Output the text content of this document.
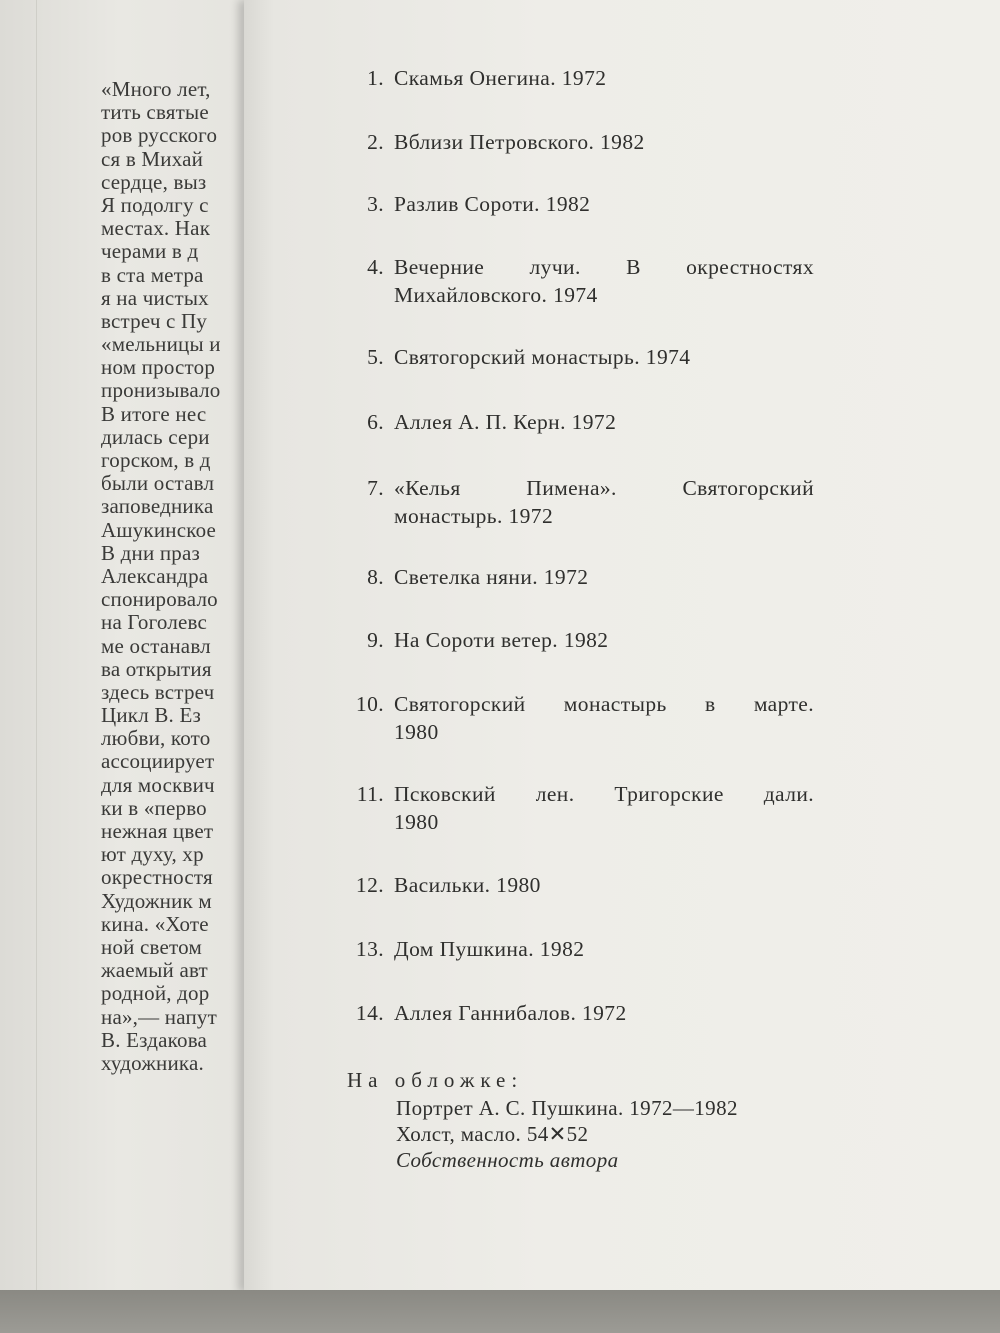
«Много лет,
тить святые
ров русского
ся в Михай
сердце, выз
Я подолгу с
местах. Нак
черами в д
в ста метра
я на чистых
встреч с Пу
«мельницы и
ном простор
пронизывало
В итоге нес
дилась сери
горском, в д
были оставл
заповедника
Ашукинское
В дни праз
Александра
спонировало
на Гоголевс
ме останавл
ва открытия
здесь встреч
Цикл В. Ез
любви, кото
ассоциирует
для москвич
ки в «перво
нежная цвет
ют духу, хр
окрестностя
Художник м
кина. «Хоте
ной светом
жаемый авт
родной, дор
на»,— напут
В. Ездакова
художника.
1. Скамья Онегина. 1972
2. Вблизи Петровского. 1982
3. Разлив Сороти. 1982
4. Вечерние лучи. В окрестностях
Михайловского. 1974
5. Святогорский монастырь. 1974
6. Аллея А. П. Керн. 1972
7. «Келья Пимена». Святогорский
монастырь. 1972
8. Светелка няни. 1972
9. На Сороти ветер. 1982
10. Святогорский монастырь в марте.
1980
11. Псковский лен. Тригорские дали.
1980
12. Васильки. 1980
13. Дом Пушкина. 1982
14. Аллея Ганнибалов. 1972
На обложке:
Портрет А. С. Пушкина. 1972—1982
Холст, масло. 54✕52
Собственность автора
